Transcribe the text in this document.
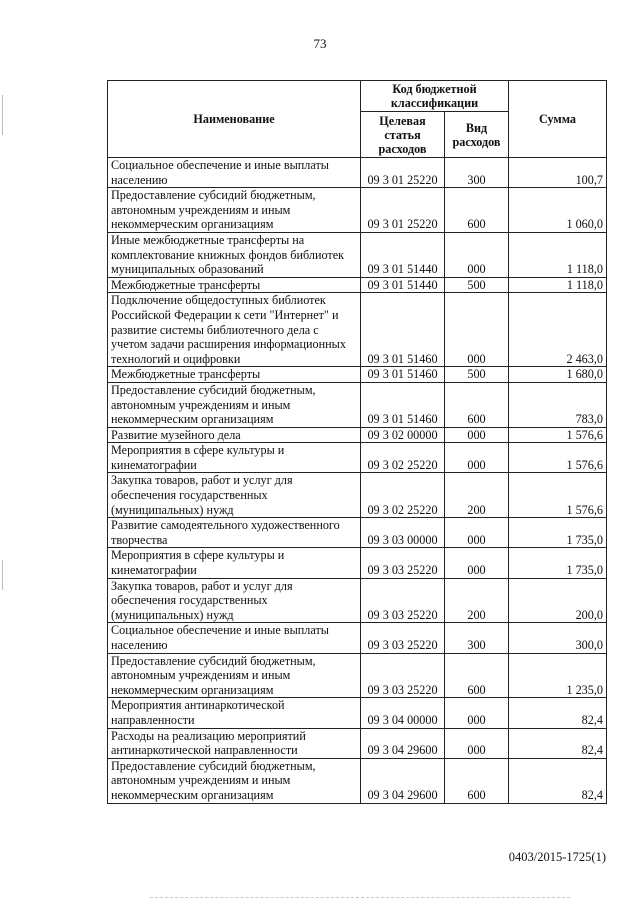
73
Наименование	Код бюджетной классификации		Сумма
	Целевая статья расходов	Вид расходов	
Социальное обеспечение и иные выплаты населению	09 3 01 25220	300	100,7
Предоставление субсидий бюджетным, автономным учреждениям и иным некоммерческим организациям	09 3 01 25220	600	1 060,0
Иные межбюджетные трансферты на комплектование книжных фондов библиотек муниципальных образований	09 3 01 51440	000	1 118,0
Межбюджетные трансферты	09 3 01 51440	500	1 118,0
Подключение общедоступных библиотек Российской Федерации к сети "Интернет" и развитие системы библиотечного дела с учетом задачи расширения информационных технологий и оцифровки	09 3 01 51460	000	2 463,0
Межбюджетные трансферты	09 3 01 51460	500	1 680,0
Предоставление субсидий бюджетным, автономным учреждениям и иным некоммерческим организациям	09 3 01 51460	600	783,0
Развитие музейного дела	09 3 02 00000	000	1 576,6
Мероприятия в сфере культуры и кинематографии	09 3 02 25220	000	1 576,6
Закупка товаров, работ и услуг для обеспечения государственных (муниципальных) нужд	09 3 02 25220	200	1 576,6
Развитие самодеятельного художественного творчества	09 3 03 00000	000	1 735,0
Мероприятия в сфере культуры и кинематографии	09 3 03 25220	000	1 735,0
Закупка товаров, работ и услуг для обеспечения государственных (муниципальных) нужд	09 3 03 25220	200	200,0
Социальное обеспечение и иные выплаты населению	09 3 03 25220	300	300,0
Предоставление субсидий бюджетным, автономным учреждениям и иным некоммерческим организациям	09 3 03 25220	600	1 235,0
Мероприятия антинаркотической направленности	09 3 04 00000	000	82,4
Расходы на реализацию мероприятий антинаркотической направленности	09 3 04 29600	000	82,4
Предоставление субсидий бюджетным, автономным учреждениям и иным некоммерческим организациям	09 3 04 29600	600	82,4
0403/2015-1725(1)
